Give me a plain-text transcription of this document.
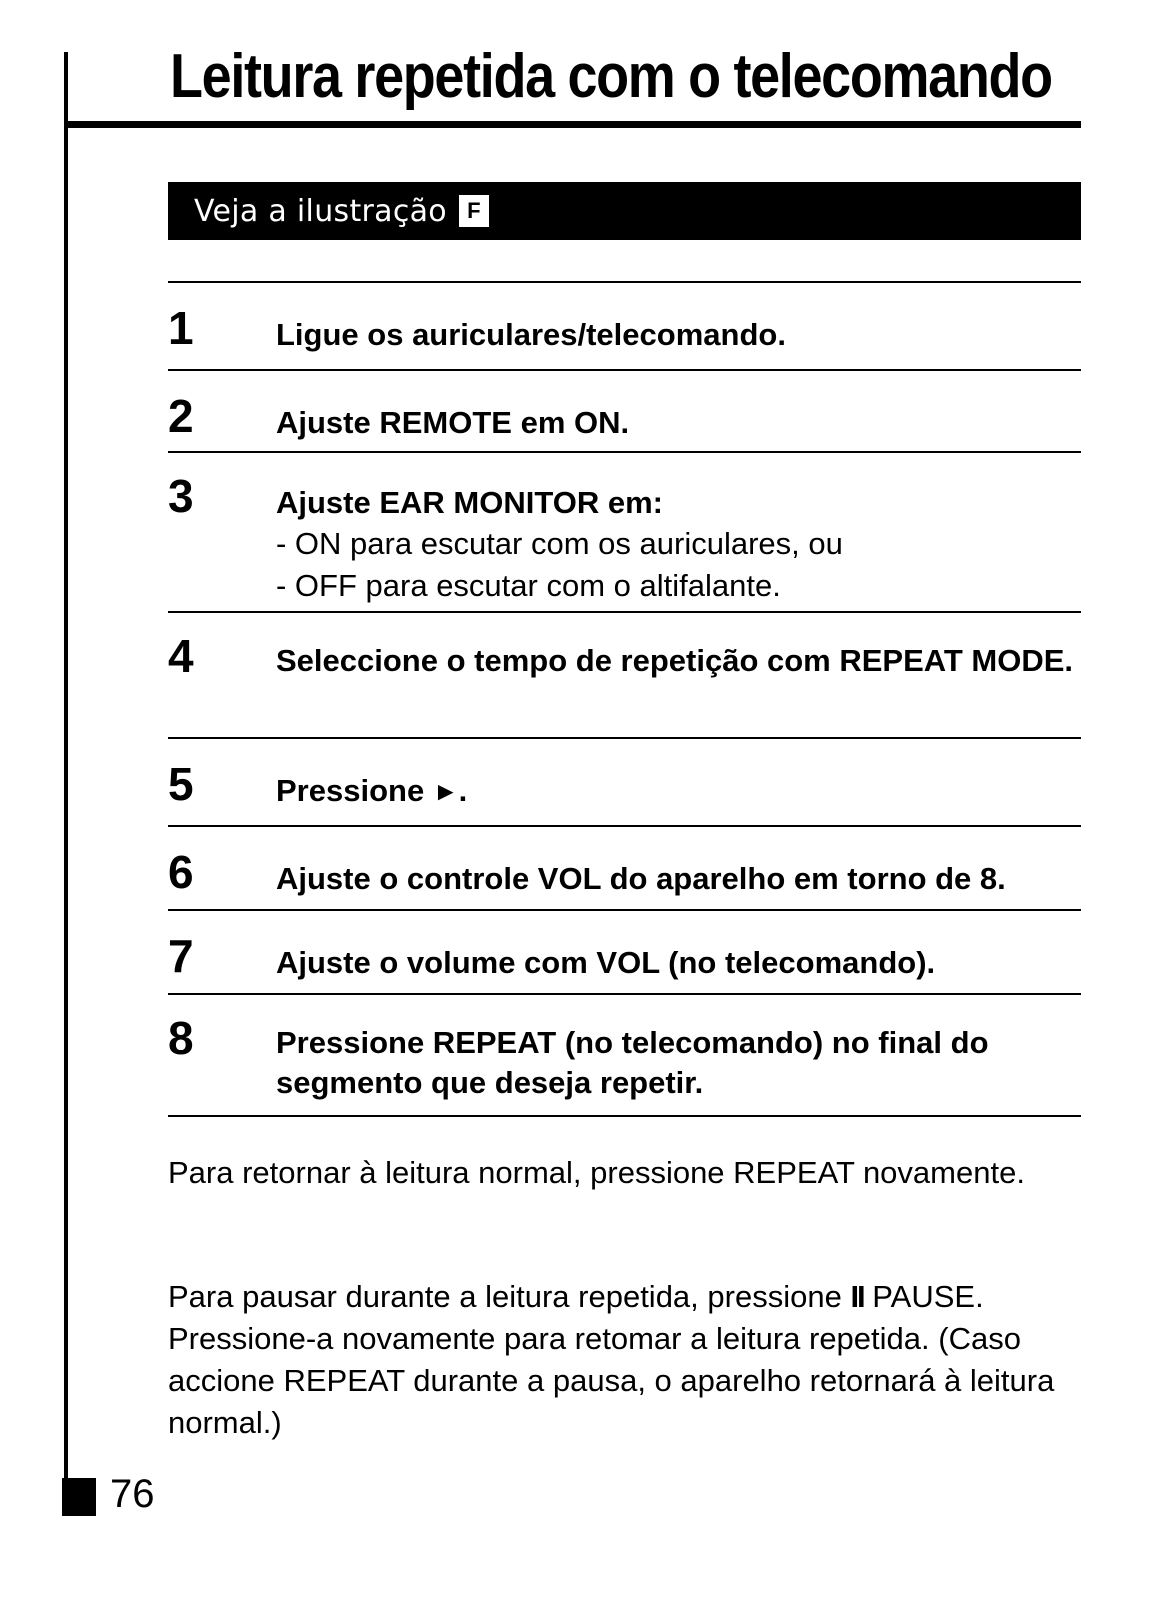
Leitura repetida com o telecomando
Veja a ilustração F
1	Ligue os auriculares/telecomando.
2	Ajuste REMOTE em ON.
3	Ajuste EAR MONITOR em:
- ON para escutar com os auriculares, ou
- OFF para escutar com o altifalante.
4	Seleccione o tempo de repetição com REPEAT MODE.
5	Pressione ►.
6	Ajuste o controle VOL do aparelho em torno de 8.
7	Ajuste o volume com VOL (no telecomando).
8	Pressione REPEAT (no telecomando) no final do segmento que deseja repetir.

Para retornar à leitura normal, pressione REPEAT novamente.

Para pausar durante a leitura repetida, pressione II PAUSE. Pressione-a novamente para retomar a leitura repetida. (Caso accione REPEAT durante a pausa, o aparelho retornará à leitura normal.)

76
